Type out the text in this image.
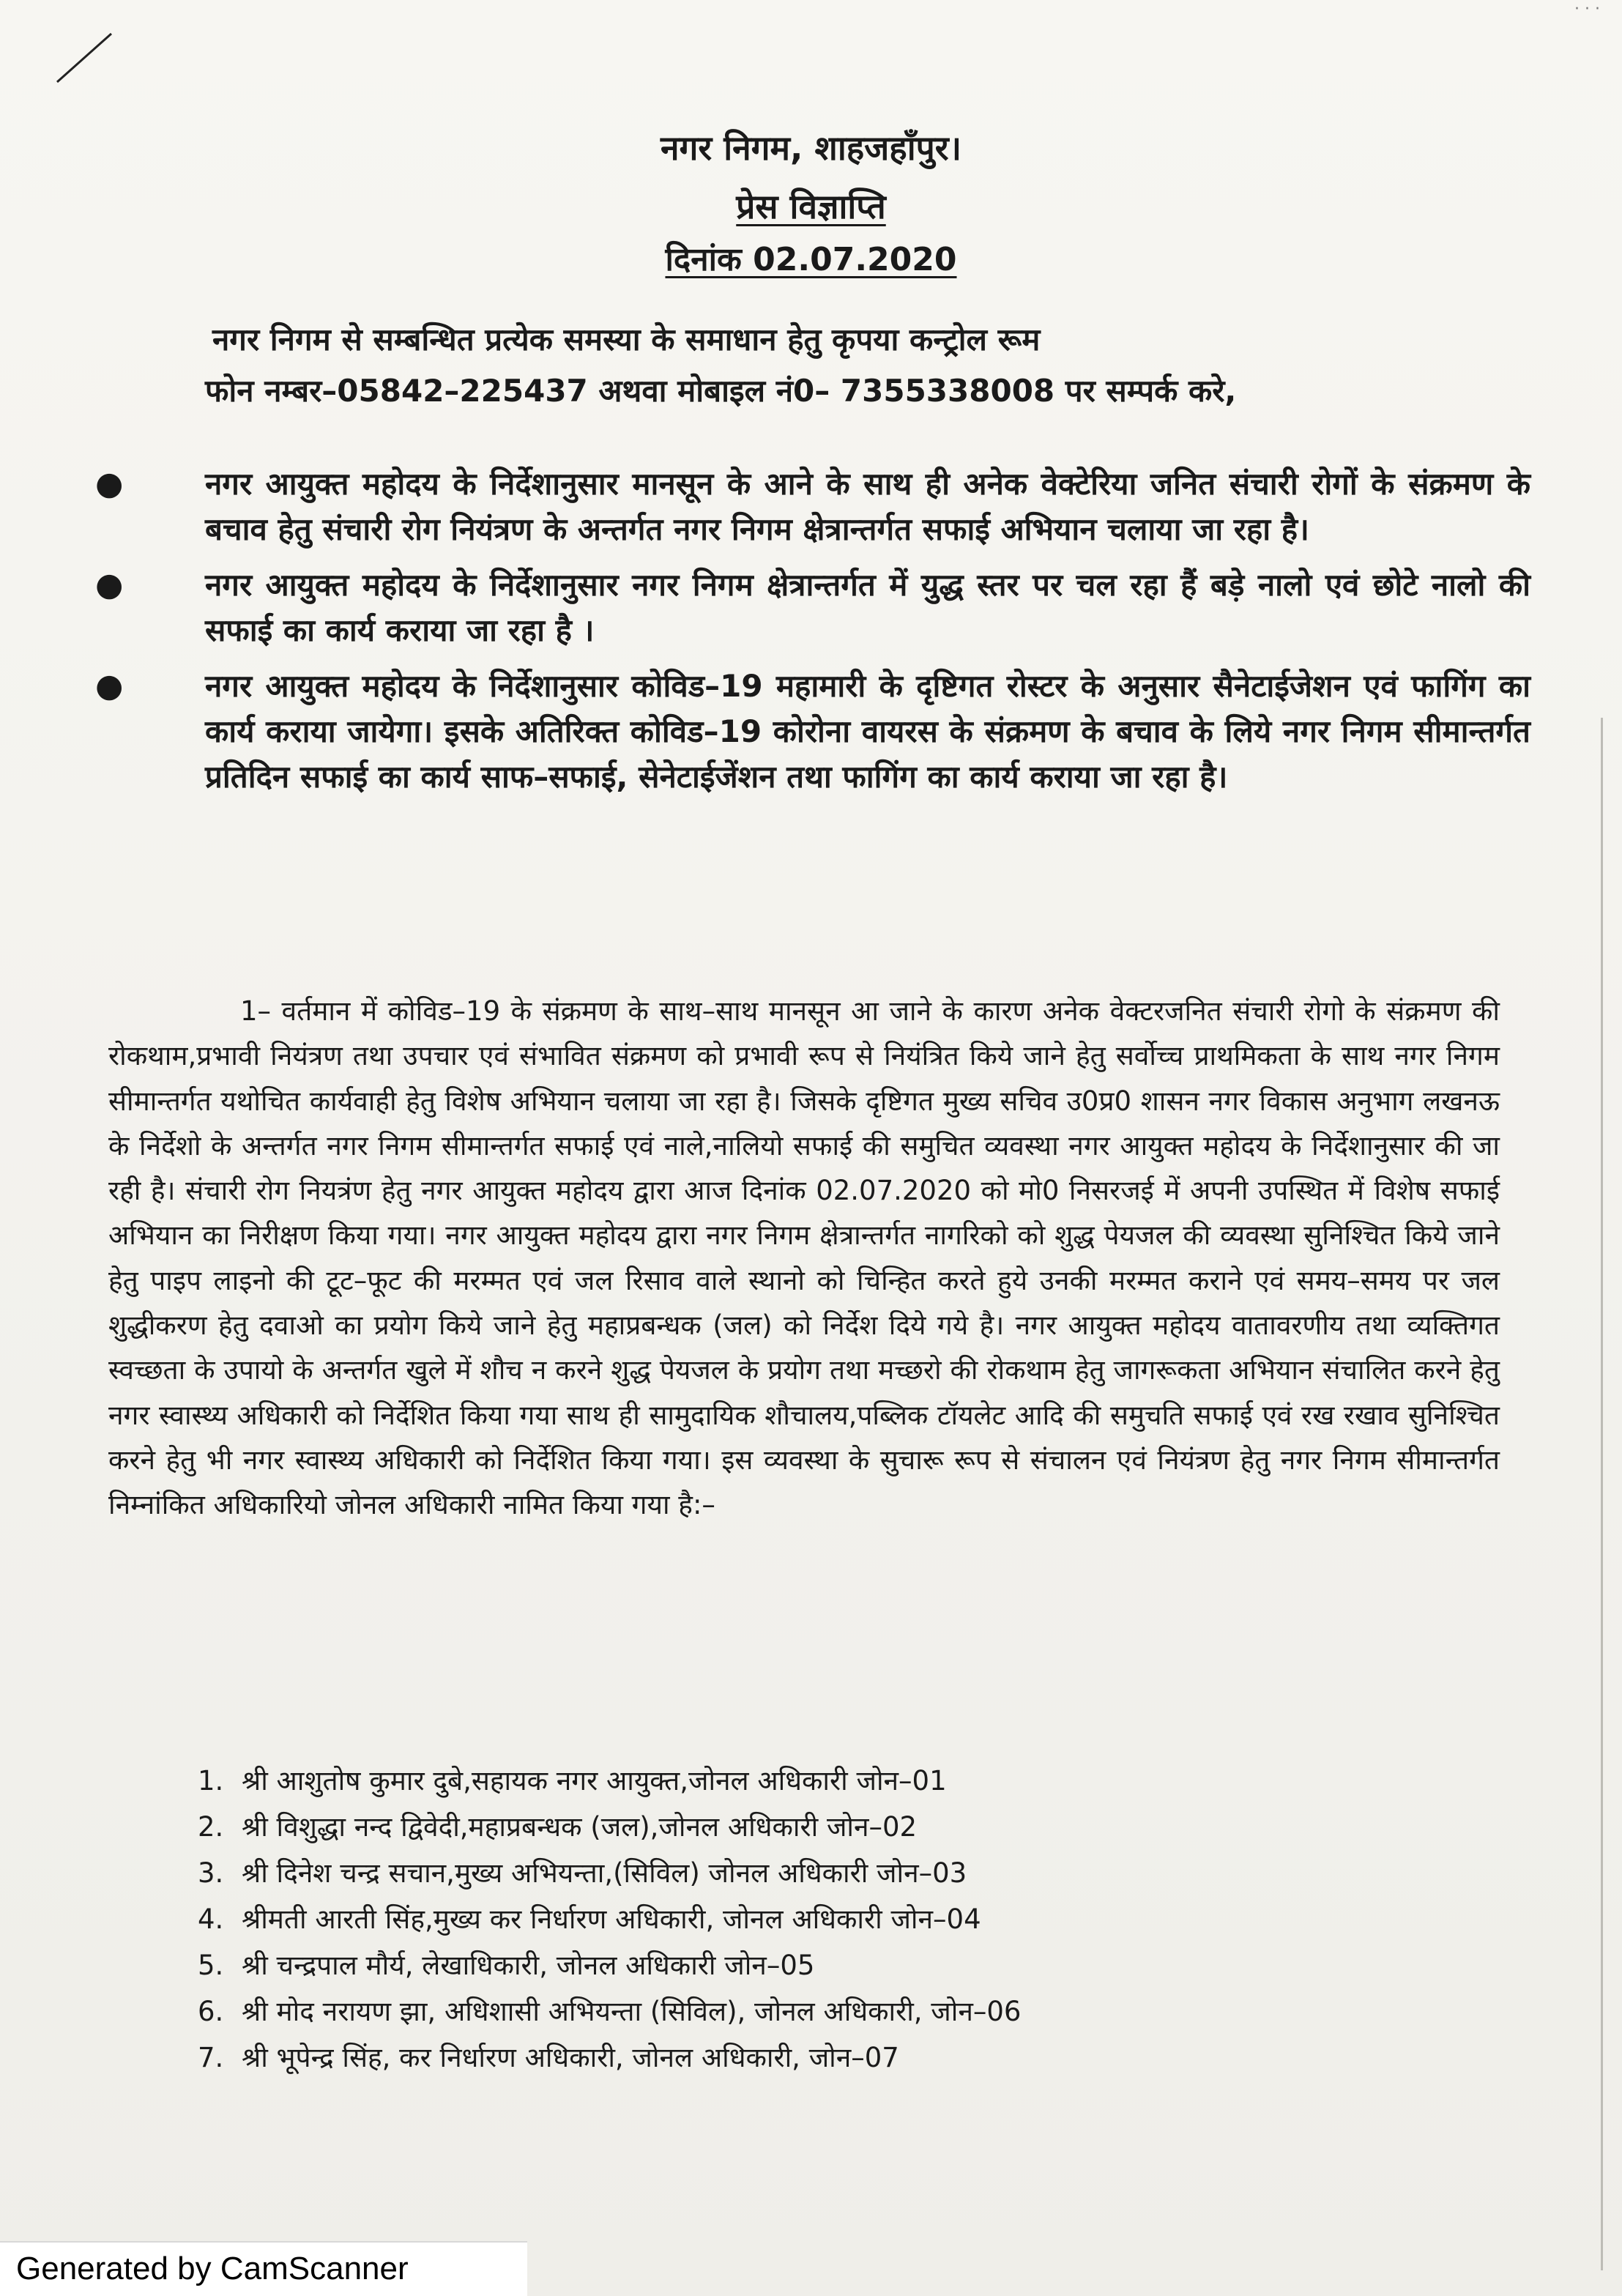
· · ·
नगर निगम, शाहजहाँपुर।
प्रेस विज्ञाप्ति
दिनांक 02.07.2020
नगर निगम से सम्बन्धित प्रत्येक समस्या के समाधान हेतु कृपया कन्ट्रोल रूम
फोन नम्बर–05842–225437 अथवा मोबाइल नं0– 7355338008 पर सम्पर्क करे,
●	नगर आयुक्त महोदय के निर्देशानुसार मानसून के आने के साथ ही अनेक वेक्टेरिया जनित संचारी रोगों के संक्रमण के बचाव हेतु संचारी रोग नियंत्रण के अन्तर्गत नगर निगम क्षेत्रान्तर्गत सफाई अभियान चलाया जा रहा है।
●	नगर आयुक्त महोदय के निर्देशानुसार नगर निगम क्षेत्रान्तर्गत में युद्ध स्तर पर चल रहा हैं बड़े नालो एवं छोटे नालो की सफाई का कार्य कराया जा रहा है ।
●	नगर आयुक्त महोदय के निर्देशानुसार कोविड–19 महामारी के दृष्टिगत रोस्टर के अनुसार सैनेटाईजेशन एवं फागिंग का कार्य कराया जायेगा। इसके अतिरिक्त कोविड–19 कोरोना वायरस के संक्रमण के बचाव के लिये नगर निगम सीमान्तर्गत प्रतिदिन सफाई का कार्य साफ–सफाई, सेनेटाईजेंशन तथा फागिंग का कार्य कराया जा रहा है।
1– वर्तमान में कोविड–19 के संक्रमण के साथ–साथ मानसून आ जाने के कारण अनेक वेक्टरजनित संचारी रोगो के संक्रमण की रोकथाम,प्रभावी नियंत्रण तथा उपचार एवं संभावित संक्रमण को प्रभावी रूप से नियंत्रित किये जाने हेतु सर्वोच्च प्राथमिकता के साथ नगर निगम सीमान्तर्गत यथोचित कार्यवाही हेतु विशेष अभियान चलाया जा रहा है। जिसके दृष्टिगत मुख्य सचिव उ0प्र0 शासन नगर विकास अनुभाग लखनऊ के निर्देशो के अन्तर्गत नगर निगम सीमान्तर्गत सफाई एवं नाले,नालियो सफाई की समुचित व्यवस्था नगर आयुक्त महोदय के निर्देशानुसार की जा रही है। संचारी रोग नियत्रंण हेतु नगर आयुक्त महोदय द्वारा आज दिनांक 02.07.2020 को मो0 निसरजई में अपनी उपस्थित में विशेष सफाई अभियान का निरीक्षण किया गया। नगर आयुक्त महोदय द्वारा नगर निगम क्षेत्रान्तर्गत नागरिको को शुद्ध पेयजल की व्यवस्था सुनिश्चित किये जाने हेतु पाइप लाइनो की टूट–फूट की मरम्मत एवं जल रिसाव वाले स्थानो को चिन्हित करते हुये उनकी मरम्मत कराने एवं समय–समय पर जल शुद्धीकरण हेतु दवाओ का प्रयोग किये जाने हेतु महाप्रबन्धक (जल) को निर्देश दिये गये है। नगर आयुक्त महोदय वातावरणीय तथा व्यक्तिगत स्वच्छता के उपायो के अन्तर्गत खुले में शौच न करने शुद्ध पेयजल के प्रयोग तथा मच्छरो की रोकथाम हेतु जागरूकता अभियान संचालित करने हेतु नगर स्वास्थ्य अधिकारी को निर्देशित किया गया साथ ही सामुदायिक शौचालय,पब्लिक टॉयलेट आदि की समुचति सफाई एवं रख रखाव सुनिश्चित करने हेतु भी नगर स्वास्थ्य अधिकारी को निर्देशित किया गया। इस व्यवस्था के सुचारू रूप से संचालन एवं नियंत्रण हेतु नगर निगम सीमान्तर्गत निम्नांकित अधिकारियो जोनल अधिकारी नामित किया गया है:–
1. श्री आशुतोष कुमार दुबे,सहायक नगर आयुक्त,जोनल अधिकारी जोन–01
2. श्री विशुद्धा नन्द द्विवेदी,महाप्रबन्धक (जल),जोनल अधिकारी जोन–02
3. श्री दिनेश चन्द्र सचान,मुख्य अभियन्ता,(सिविल) जोनल अधिकारी जोन–03
4. श्रीमती आरती सिंह,मुख्य कर निर्धारण अधिकारी, जोनल अधिकारी जोन–04
5. श्री चन्द्रपाल मौर्य, लेखाधिकारी, जोनल अधिकारी जोन–05
6. श्री मोद नरायण झा, अधिशासी अभियन्ता (सिविल), जोनल अधिकारी, जोन–06
7. श्री भूपेन्द्र सिंह, कर निर्धारण अधिकारी, जोनल अधिकारी, जोन–07
Generated by CamScanner
